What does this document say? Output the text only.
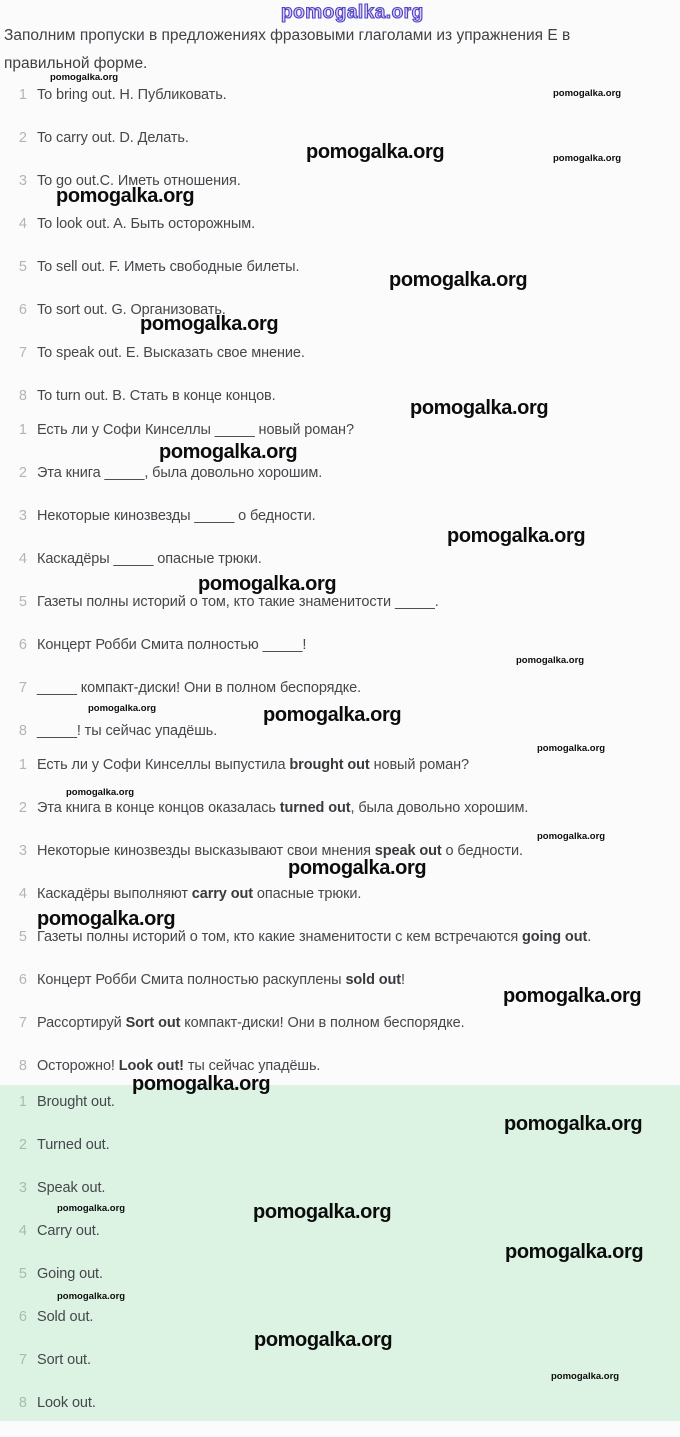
Заполним пропуски в предложениях фразовыми глаголами из упражнения E в
правильной форме.
1 To bring out. Н. Публиковать.
2 To carry out. D. Делать.
3 To go out.C. Иметь отношения.
4 To look out. A. Быть осторожным.
5 To sell out. F. Иметь свободные билеты.
6 To sort out. G. Организовать.
7 To speak out. E. Высказать свое мнение.
8 To turn out. B. Стать в конце концов.
1 Есть ли у Софи Кинселлы _____ новый роман?
2 Эта книга _____, была довольно хорошим.
3 Некоторые кинозвезды _____ о бедности.
4 Каскадёры _____ опасные трюки.
5 Газеты полны историй о том, кто такие знаменитости _____.
6 Концерт Робби Смита полностью _____!
7 _____ компакт-диски! Они в полном беспорядке.
8 _____! ты сейчас упадёшь.
1 Есть ли у Софи Кинселлы выпустила brought out новый роман?
2 Эта книга в конце концов оказалась turned out, была довольно хорошим.
3 Некоторые кинозвезды высказывают свои мнения speak out о бедности.
4 Каскадёры выполняют carry out опасные трюки.
5 Газеты полны историй о том, кто какие знаменитости с кем встречаются going out.
6 Концерт Робби Смита полностью раскуплены sold out!
7 Рассортируй Sort out компакт-диски! Они в полном беспорядке.
8 Осторожно! Look out! ты сейчас упадёшь.
1 Brought out.
2 Turned out.
3 Speak out.
4 Carry out.
5 Going out.
6 Sold out.
7 Sort out.
8 Look out.
pomogalka.org
pomogalka.org
pomogalka.org
pomogalka.org	pomogalka.org
pomogalka.org
pomogalka.org
pomogalka.org
pomogalka.org
pomogalka.org
pomogalka.org
pomogalka.org
pomogalka.org
pomogalka.org	pomogalka.org
pomogalka.org
pomogalka.org
pomogalka.org
pomogalka.org
pomogalka.org
pomogalka.org
pomogalka.org
pomogalka.org
pomogalka.org	pomogalka.org
pomogalka.org
pomogalka.org
pomogalka.org
pomogalka.org
